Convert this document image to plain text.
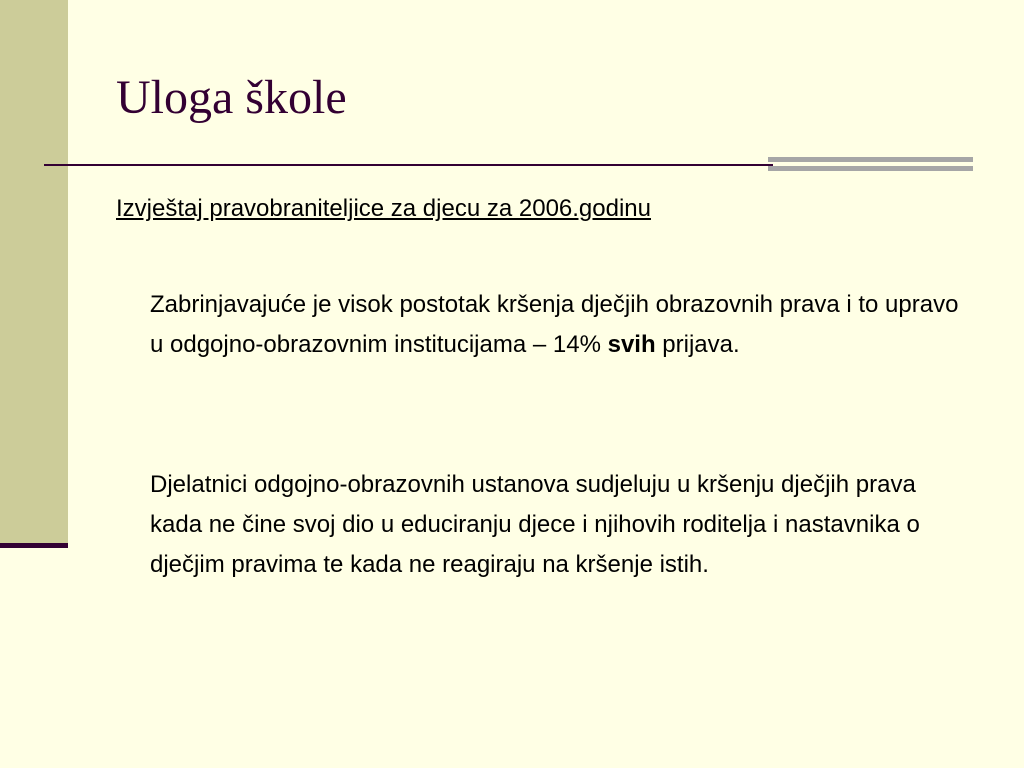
Uloga škole

Izvještaj pravobraniteljice za djecu za 2006.godinu

Zabrinjavajuće je visok postotak kršenja dječjih obrazovnih prava i to upravo u odgojno-obrazovnim institucijama – 14% svih prijava.

Djelatnici odgojno-obrazovnih ustanova sudjeluju u kršenju dječjih prava kada ne čine svoj dio u educiranju djece i njihovih roditelja i nastavnika o dječjim pravima te kada ne reagiraju na kršenje istih.
